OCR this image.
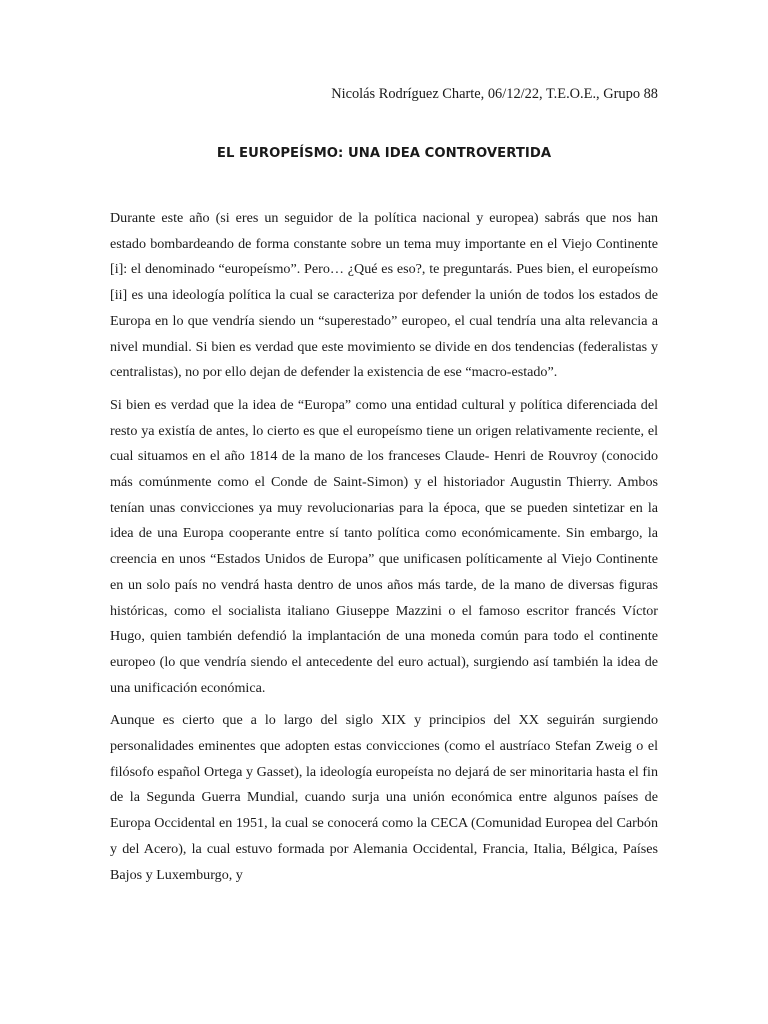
Nicolás Rodríguez Charte, 06/12/22, T.E.O.E., Grupo 88
EL EUROPEÍSMO: UNA IDEA CONTROVERTIDA

Durante este año (si eres un seguidor de la política nacional y europea) sabrás que nos han estado bombardeando de forma constante sobre un tema muy importante en el Viejo Continente [i]: el denominado “europeísmo”. Pero… ¿Qué es eso?, te preguntarás. Pues bien, el europeísmo [ii] es una ideología política la cual se caracteriza por defender la unión de todos los estados de Europa en lo que vendría siendo un “superestado” europeo, el cual tendría una alta relevancia a nivel mundial. Si bien es verdad que este movimiento se divide en dos tendencias (federalistas y centralistas), no por ello dejan de defender la existencia de ese “macro-estado”.

Si bien es verdad que la idea de “Europa” como una entidad cultural y política diferenciada del resto ya existía de antes, lo cierto es que el europeísmo tiene un origen relativamente reciente, el cual situamos en el año 1814 de la mano de los franceses Claude- Henri de Rouvroy (conocido más comúnmente como el Conde de Saint-Simon) y el historiador Augustin Thierry. Ambos tenían unas convicciones ya muy revolucionarias para la época, que se pueden sintetizar en la idea de una Europa cooperante entre sí tanto política como económicamente. Sin embargo, la creencia en unos “Estados Unidos de Europa” que unificasen políticamente al Viejo Continente en un solo país no vendrá hasta dentro de unos años más tarde, de la mano de diversas figuras históricas, como el socialista italiano Giuseppe Mazzini o el famoso escritor francés Víctor Hugo, quien también defendió la implantación de una moneda común para todo el continente europeo (lo que vendría siendo el antecedente del euro actual), surgiendo así también la idea de una unificación económica.

Aunque es cierto que a lo largo del siglo XIX y principios del XX seguirán surgiendo personalidades eminentes que adopten estas convicciones (como el austríaco Stefan Zweig o el filósofo español Ortega y Gasset), la ideología europeísta no dejará de ser minoritaria hasta el fin de la Segunda Guerra Mundial, cuando surja una unión económica entre algunos países de Europa Occidental en 1951, la cual se conocerá como la CECA (Comunidad Europea del Carbón y del Acero), la cual estuvo formada por Alemania Occidental, Francia, Italia, Bélgica, Países Bajos y Luxemburgo, y
